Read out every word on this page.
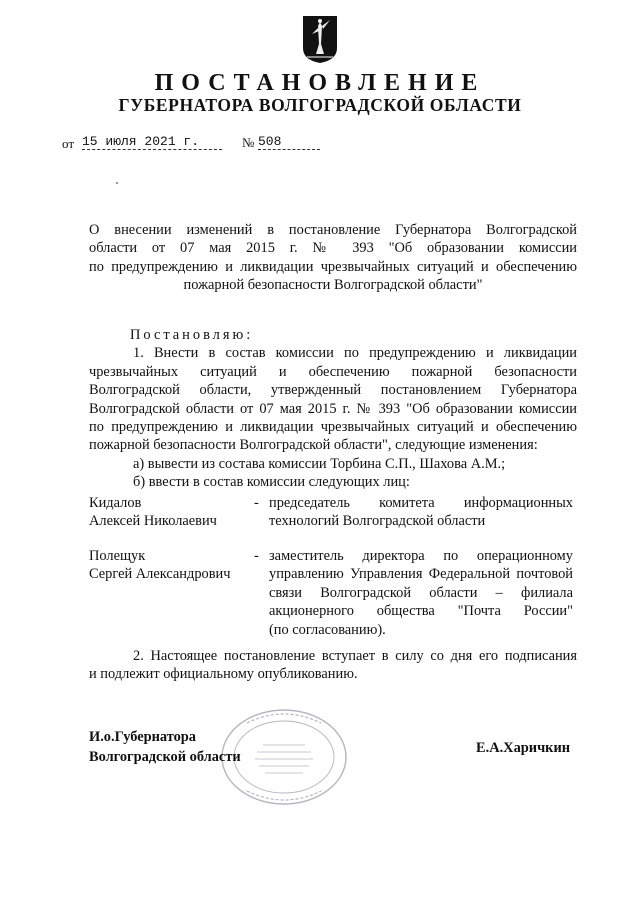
ПОСТАНОВЛЕНИЕ
ГУБЕРНАТОРА ВОЛГОГРАДСКОЙ ОБЛАСТИ
от 15 июля 2021 г.	№ 508
О внесении изменений в постановление Губернатора Волгоградской
области от 07 мая 2015 г. № 393 "Об образовании комиссии
по предупреждению и ликвидации чрезвычайных ситуаций и обеспечению
пожарной безопасности Волгоградской области"
Постановляю:
1. Внести в состав комиссии по предупреждению и ликвидации
чрезвычайных ситуаций и обеспечению пожарной безопасности
Волгоградской области, утвержденный постановлением Губернатора
Волгоградской области от 07 мая 2015 г. № 393 "Об образовании комиссии
по предупреждению и ликвидации чрезвычайных ситуаций и обеспечению
пожарной безопасности Волгоградской области", следующие изменения:
а) вывести из состава комиссии Торбина С.П., Шахова А.М.;
б) ввести в состав комиссии следующих лиц:
Кидалов
Алексей Николаевич
- председатель комитета информационных
технологий Волгоградской области
Полещук
Сергей Александрович
- заместитель директора по операционному
управлению Управления Федеральной почтовой
связи Волгоградской области – филиала
акционерного общества "Почта России"
(по согласованию).
2. Настоящее постановление вступает в силу со дня его подписания
и подлежит официальному опубликованию.
И.о.Губернатора
Волгоградской области
Е.А.Харичкин
